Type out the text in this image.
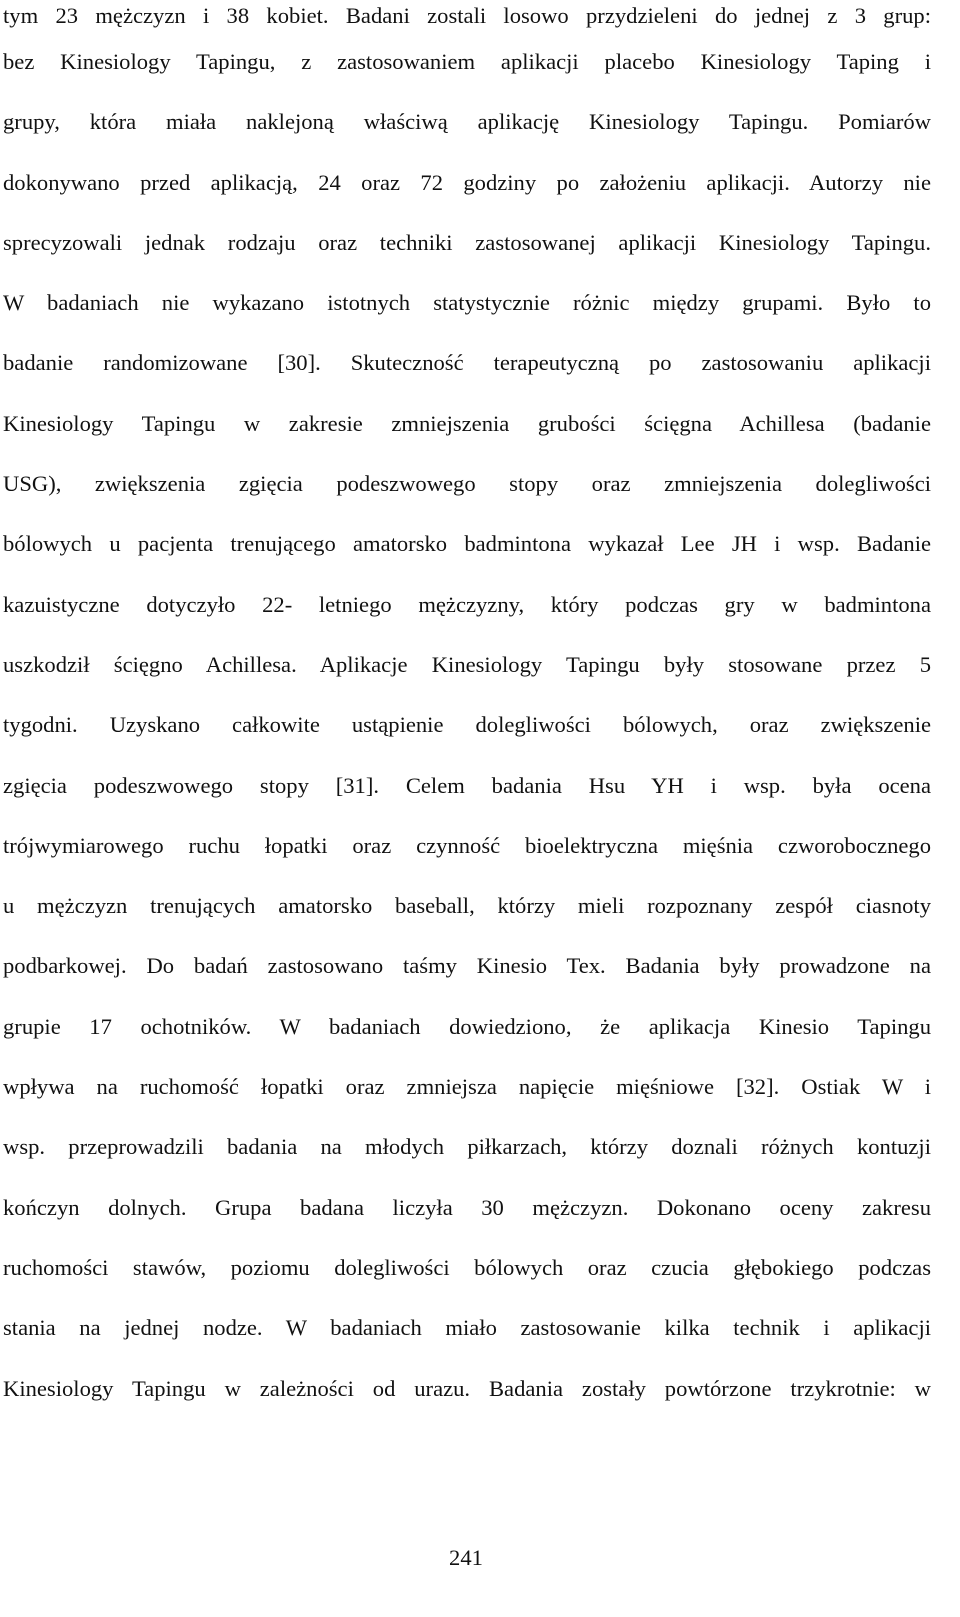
tym 23 mężczyzn i 38 kobiet. Badani zostali losowo przydzieleni do jednej z 3 grup:
bez Kinesiology Tapingu, z zastosowaniem aplikacji placebo Kinesiology Taping i
grupy, która miała naklejoną właściwą aplikację Kinesiology Tapingu. Pomiarów
dokonywano przed aplikacją, 24 oraz 72 godziny po założeniu aplikacji. Autorzy nie
sprecyzowali jednak rodzaju oraz techniki zastosowanej aplikacji Kinesiology Tapingu.
W badaniach nie wykazano istotnych statystycznie różnic między grupami. Było to
badanie randomizowane [30]. Skuteczność terapeutyczną po zastosowaniu aplikacji
Kinesiology Tapingu w zakresie zmniejszenia grubości ścięgna Achillesa (badanie
USG), zwiększenia zgięcia podeszwowego stopy oraz zmniejszenia dolegliwości
bólowych u pacjenta trenującego amatorsko badmintona wykazał Lee JH i wsp. Badanie
kazuistyczne dotyczyło 22- letniego mężczyzny, który podczas gry w badmintona
uszkodził ścięgno Achillesa. Aplikacje Kinesiology Tapingu były stosowane przez 5
tygodni. Uzyskano całkowite ustąpienie dolegliwości bólowych, oraz zwiększenie
zgięcia podeszwowego stopy [31]. Celem badania Hsu YH i wsp. była ocena
trójwymiarowego ruchu łopatki oraz czynność bioelektryczna mięśnia czworobocznego
u mężczyzn trenujących amatorsko baseball, którzy mieli rozpoznany zespół ciasnoty
podbarkowej. Do badań zastosowano taśmy Kinesio Tex. Badania były prowadzone na
grupie 17 ochotników. W badaniach dowiedziono, że aplikacja Kinesio Tapingu
wpływa na ruchomość łopatki oraz zmniejsza napięcie mięśniowe [32]. Ostiak W i
wsp. przeprowadzili badania na młodych piłkarzach, którzy doznali różnych kontuzji
kończyn dolnych. Grupa badana liczyła 30 mężczyzn. Dokonano oceny zakresu
ruchomości stawów, poziomu dolegliwości bólowych oraz czucia głębokiego podczas
stania na jednej nodze. W badaniach miało zastosowanie kilka technik i aplikacji
Kinesiology Tapingu w zależności od urazu. Badania zostały powtórzone trzykrotnie: w
241
